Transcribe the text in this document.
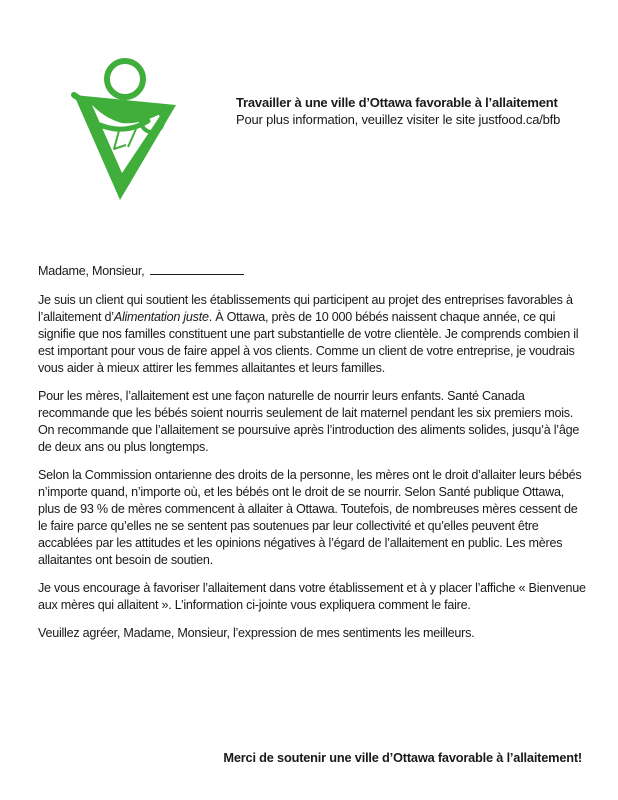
Travailler à une ville d’Ottawa favorable à l’allaitement

Pour plus information, veuillez visiter le site justfood.ca/bfb

Madame, Monsieur,

Je suis un client qui soutient les établissements qui participent au projet des entreprises favorables à l’allaitement d’Alimentation juste. À Ottawa, près de 10 000 bébés naissent chaque année, ce qui signifie que nos familles constituent une part substantielle de votre clientèle. Je comprends combien il est important pour vous de faire appel à vos clients. Comme un client de votre entreprise, je voudrais vous aider à mieux attirer les femmes allaitantes et leurs familles.

Pour les mères, l’allaitement est une façon naturelle de nourrir leurs enfants. Santé Canada recommande que les bébés soient nourris seulement de lait maternel pendant les six premiers mois. On recommande que l’allaitement se poursuive après l’introduction des aliments solides, jusqu’à l’âge de deux ans ou plus longtemps.

Selon la Commission ontarienne des droits de la personne, les mères ont le droit d’allaiter leurs bébés n’importe quand, n’importe où, et les bébés ont le droit de se nourrir. Selon Santé publique Ottawa, plus de 93 % de mères commencent à allaiter à Ottawa. Toutefois, de nombreuses mères cessent de le faire parce qu’elles ne se sentent pas soutenues par leur collectivité et qu’elles peuvent être accablées par les attitudes et les opinions négatives à l’égard de l’allaitement en public. Les mères allaitantes ont besoin de soutien.

Je vous encourage à favoriser l’allaitement dans votre établissement et à y placer l’affiche « Bienvenue aux mères qui allaitent ». L’information ci-jointe vous expliquera comment le faire.

Veuillez agréer, Madame, Monsieur, l’expression de mes sentiments les meilleurs.

Merci de soutenir une ville d’Ottawa favorable à l’allaitement!
